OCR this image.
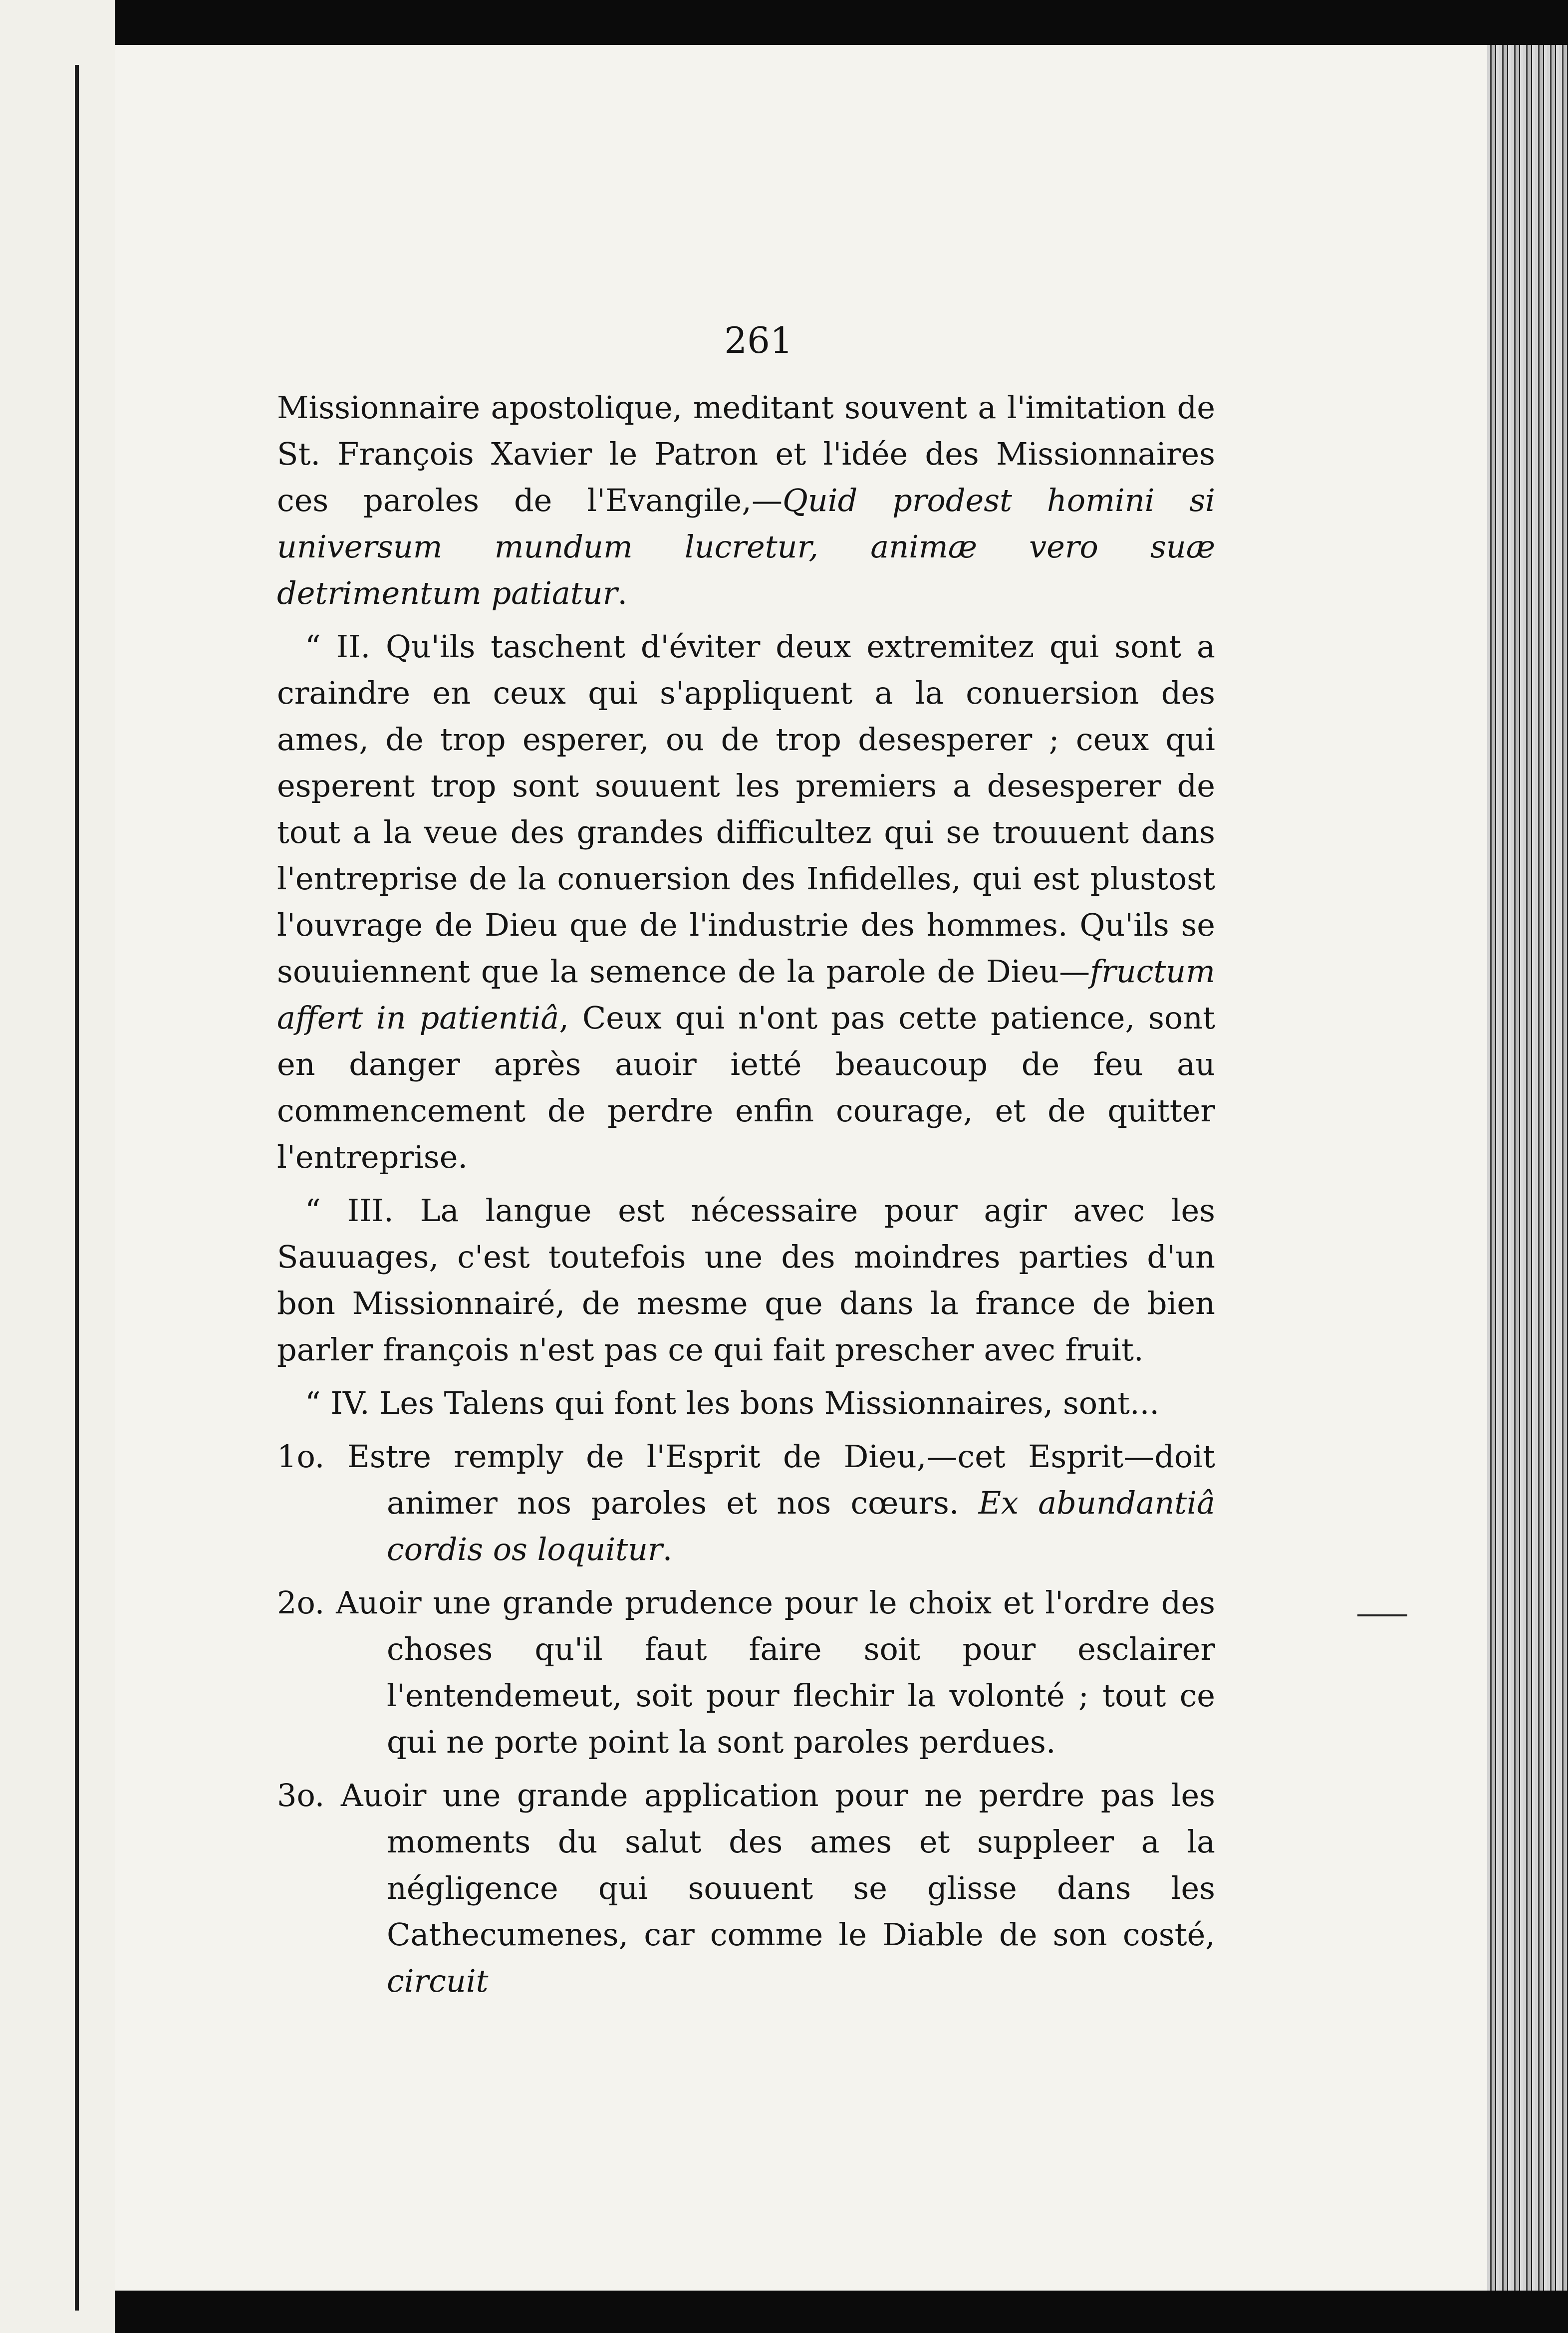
261

Missionnaire apostolique, meditant souvent a l'imitation de St. François Xavier le Patron et l'idée des Missionnaires ces paroles de l'Evangile,—Quid prodest homini si universum mundum lucretur, animæ vero suæ detrimentum patiatur.

“ II. Qu'ils taschent d'éviter deux extremitez qui sont a craindre en ceux qui s'appliquent a la conuersion des ames, de trop esperer, ou de trop desesperer ; ceux qui esperent trop sont souuent les premiers a desesperer de tout a la veue des grandes difficultez qui se trouuent dans l'entreprise de la conuersion des Infidelles, qui est plustost l'ouvrage de Dieu que de l'industrie des hommes. Qu'ils se souuiennent que la semence de la parole de Dieu—fructum affert in patientiâ, Ceux qui n'ont pas cette patience, sont en danger après auoir ietté beaucoup de feu au commencement de perdre enfin courage, et de quitter l'entreprise.

“ III. La langue est nécessaire pour agir avec les Sauuages, c'est toutefois une des moindres parties d'un bon Missionnairé, de mesme que dans la france de bien parler françois n'est pas ce qui fait prescher avec fruit.

“ IV. Les Talens qui font les bons Missionnaires, sont...

1o. Estre remply de l'Esprit de Dieu,—cet Esprit—doit animer nos paroles et nos cœurs. Ex abundantiâ cordis os loquitur.

2o. Auoir une grande prudence pour le choix et l'ordre des choses qu'il faut faire soit pour esclairer l'entendemeut, soit pour flechir la volonté ; tout ce qui ne porte point la sont paroles perdues.

3o. Auoir une grande application pour ne perdre pas les moments du salut des ames et suppleer a la négligence qui souuent se glisse dans les Cathecumenes, car comme le Diable de son costé, circuit
